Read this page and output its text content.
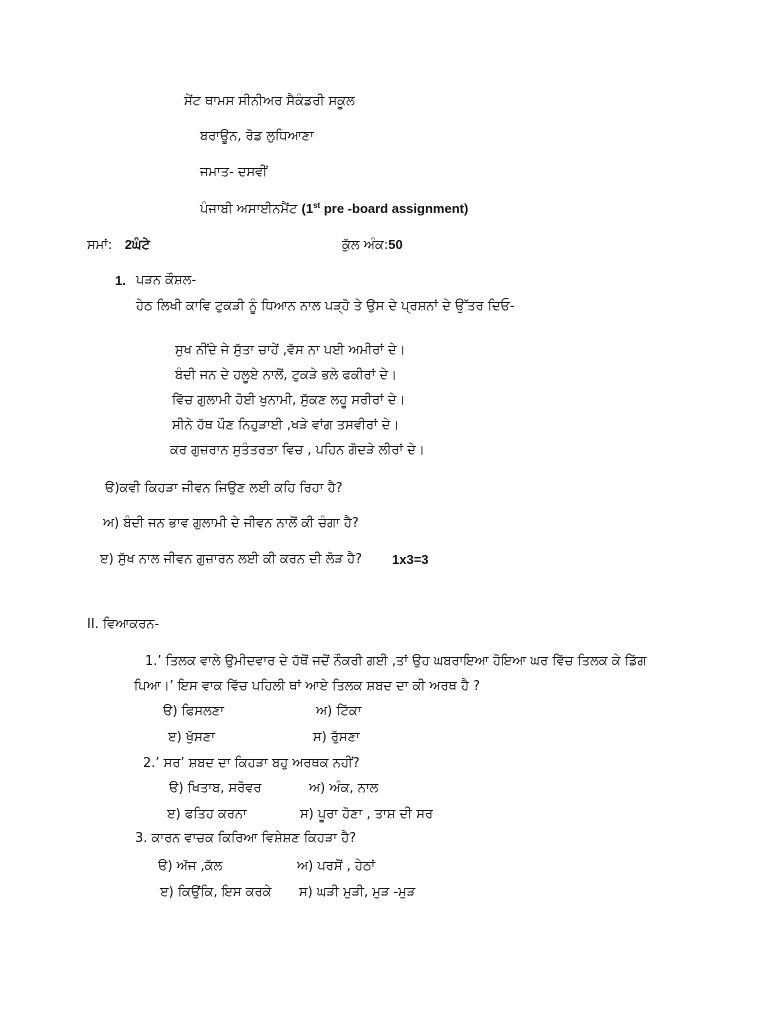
ਸੇਂਟ ਥਾਮਸ ਸੀਨੀਅਰ ਸੈਕੰਡਰੀ ਸਕੂਲ
ਬਰਾਊਨ, ਰੋਡ ਲੁਧਿਆਣਾ
ਜਮਾਤ- ਦਸਵੀਂ
ਪੰਜਾਬੀ ਅਸਾਈਨਮੈਂਟ (1st pre -board assignment)
ਸਮਾਂ: 2ਘੰਟੇ	ਕੁੱਲ ਅੰਕ:50
1. ਪੜਨ ਕੌਸ਼ਲ-
ਹੇਠ ਲਿਖੀ ਕਾਵਿ ਟੁਕੜੀ ਨੂੰ ਧਿਆਨ ਨਾਲ ਪੜ੍ਹੋ ਤੇ ਉਸ ਦੇ ਪ੍ਰਸ਼ਨਾਂ ਦੇ ਉੱਤਰ ਦਿਓ-
ਸੁਖ ਨੀਂਦੇ ਜੇ ਸੁੱਤਾ ਚਾਹੇਂ ,ਵੱਸ ਨਾ ਪਈ ਅਮੀਰਾਂ ਦੇ।
ਬੰਦੀ ਜਨ ਦੇ ਹਲੂਏ ਨਾਲੋਂ, ਟੁਕੜੇ ਭਲੇ ਫਕੀਰਾਂ ਦੇ।
ਵਿੱਚ ਗੁਲਾਮੀ ਹੋਈ ਖੁਨਾਮੀ, ਸੁੱਕਣ ਲਹੂ ਸਰੀਰਾਂ ਦੇ।
ਸੀਨੇ ਹੱਥ ਪੌਣ ਨਿਹੁੜਾਈ ,ਖੜੇ ਵਾਂਗ ਤਸਵੀਰਾਂ ਦੇ।
ਕਰ ਗੁਜ਼ਰਾਨ ਸੁਤੰਤਰਤਾ ਵਿਚ , ਪਹਿਨ ਗੋਦੜੇ ਲੀਰਾਂ ਦੇ।
ੳ)ਕਵੀ ਕਿਹੜਾ ਜੀਵਨ ਜਿਉਣ ਲਈ ਕਹਿ ਰਿਹਾ ਹੈ?
ਅ) ਬੰਦੀ ਜਨ ਭਾਵ ਗੁਲਾਮੀ ਦੇ ਜੀਵਨ ਨਾਲੋਂ ਕੀ ਚੰਗਾ ਹੈ?
ੲ) ਸੁੱਖ ਨਾਲ ਜੀਵਨ ਗੁਜ਼ਾਰਨ ਲਈ ਕੀ ਕਰਨ ਦੀ ਲੋੜ ਹੈ? 1x3=3
II. ਵਿਆਕਰਨ-
1.’ ਤਿਲਕ ਵਾਲੇ ਉਮੀਦਵਾਰ ਦੇ ਹੱਥੋਂ ਜਦੋਂ ਨੌਕਰੀ ਗਈ ,ਤਾਂ ਉਹ ਘਬਰਾਇਆ ਹੋਇਆ ਘਰ ਵਿੱਚ ਤਿਲਕ ਕੇ ਡਿੱਗ
ਪਿਆ।’ ਇਸ ਵਾਕ ਵਿੱਚ ਪਹਿਲੀ ਥਾਂ ਆਏ ਤਿਲਕ ਸ਼ਬਦ ਦਾ ਕੀ ਅਰਥ ਹੈ ?
ੳ) ਫਿਸਲਣਾ	ਅ) ਟਿੱਕਾ
ੲ) ਖੁੱਸਣਾ	ਸ) ਰੁੱਸਣਾ
2.’ ਸਰ’ ਸ਼ਬਦ ਦਾ ਕਿਹੜਾ ਬਹੁ ਅਰਥਕ ਨਹੀਂ?
ੳ) ਖਿਤਾਬ, ਸਰੋਵਰ	ਅ) ਅੰਕ, ਨਾਲ
ੲ) ਫਤਿਹ ਕਰਨਾ	ਸ) ਪੂਰਾ ਹੋਣਾ , ਤਾਸ਼ ਦੀ ਸਰ
3. ਕਾਰਨ ਵਾਚਕ ਕਿਰਿਆ ਵਿਸ਼ੇਸ਼ਣ ਕਿਹੜਾ ਹੈ?
ੳ) ਅੱਜ ,ਕੱਲ	ਅ) ਪਰਸੋਂ , ਹੇਠਾਂ
ੲ) ਕਿਉਂਕਿ, ਇਸ ਕਰਕੇ ਸ) ਘੜੀ ਮੁੜੀ, ਮੁੜ -ਮੁੜ
